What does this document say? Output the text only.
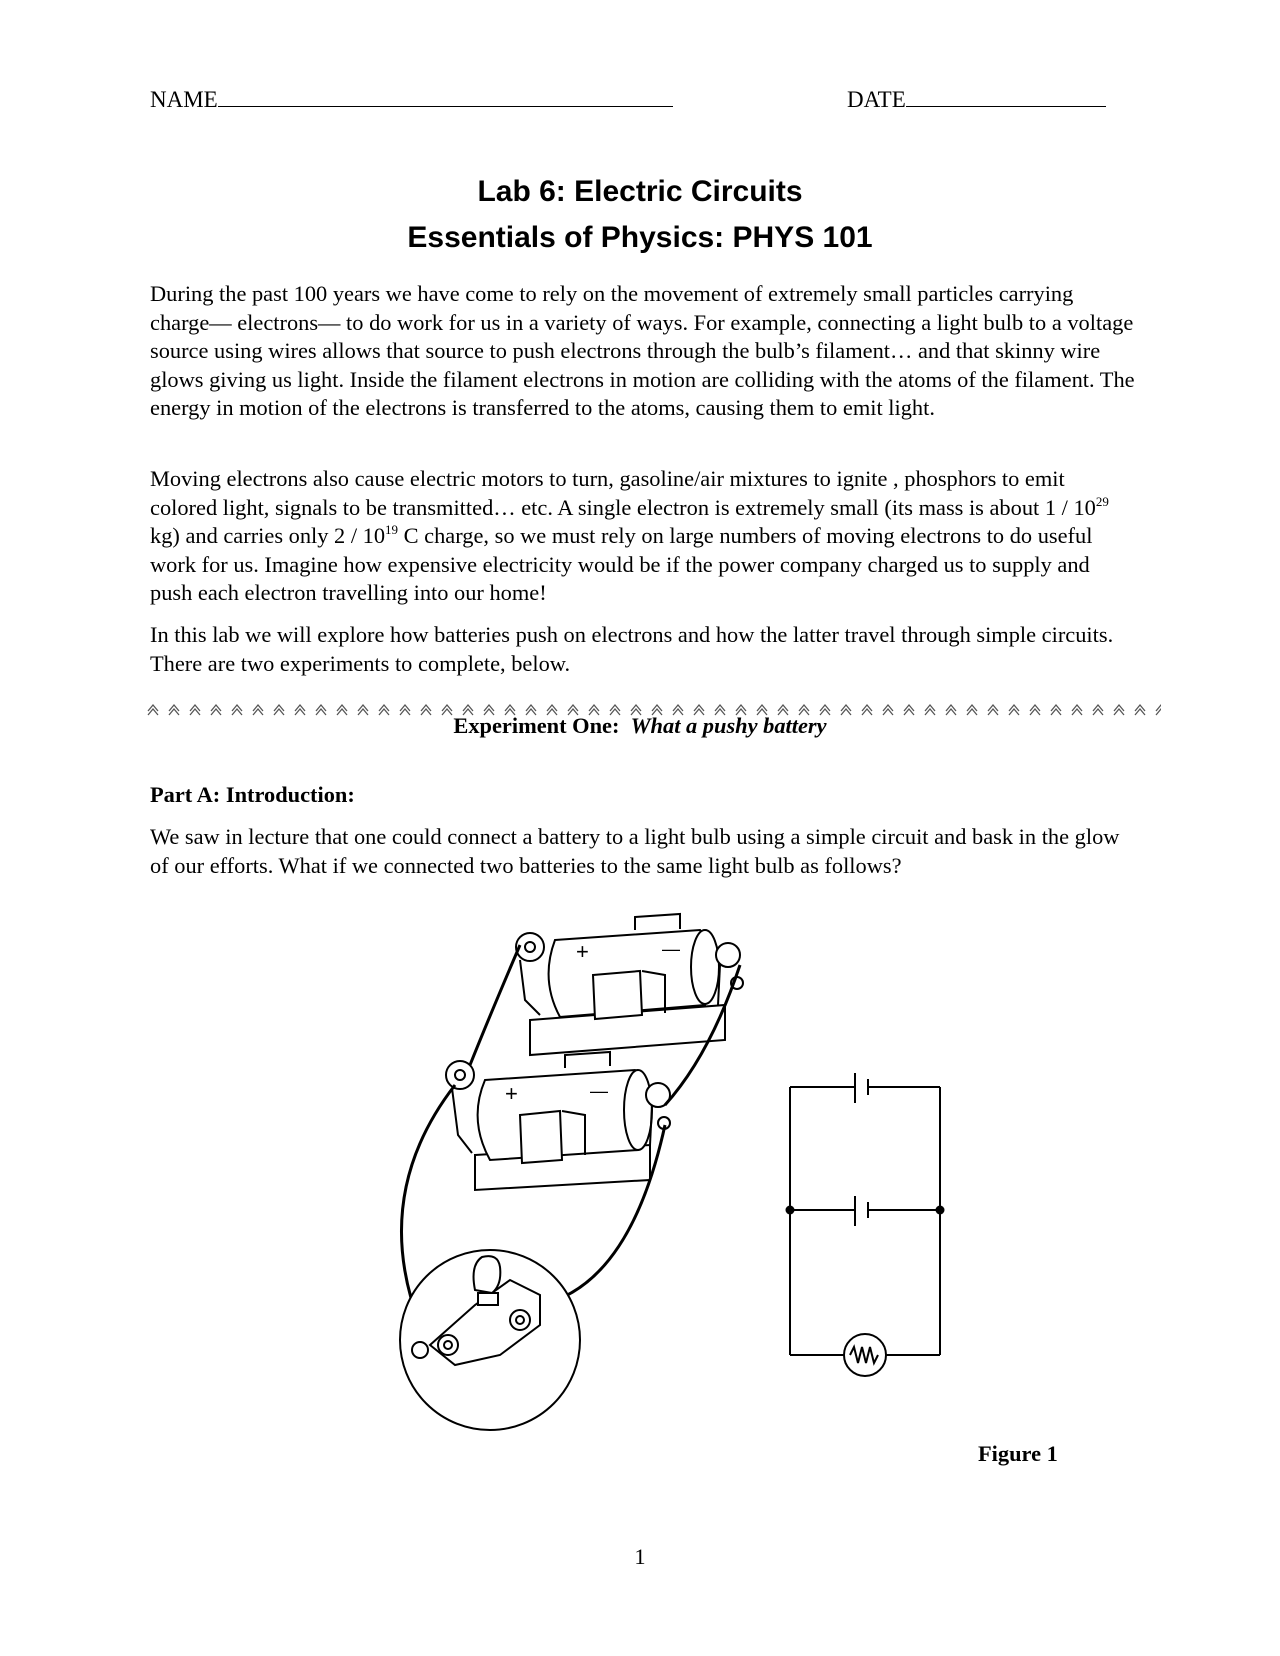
NAME	DATE
Lab 6: Electric Circuits
Essentials of Physics: PHYS 101

During the past 100 years we have come to rely on the movement of extremely small particles carrying charge— electrons— to do work for us in a variety of ways. For example, connecting a light bulb to a voltage source using wires allows that source to push electrons through the bulb’s filament… and that skinny wire glows giving us light. Inside the filament electrons in motion are colliding with the atoms of the filament. The energy in motion of the electrons is transferred to the atoms, causing them to emit light.

Moving electrons also cause electric motors to turn, gasoline/air mixtures to ignite , phosphors to emit colored light, signals to be transmitted… etc. A single electron is extremely small (its mass is about $1 / 10^{29}$ kg) and carries only $2 / 10^{19}$ C charge, so we must rely on large numbers of moving electrons to do useful work for us. Imagine how expensive electricity would be if the power company charged us to supply and push each electron travelling into our home!

In this lab we will explore how batteries push on electrons and how the latter travel through simple circuits. There are two experiments to complete, below.

Experiment One: What a pushy battery
Part A: Introduction:

We saw in lecture that one could connect a battery to a light bulb using a simple circuit and bask in the glow of our efforts. What if we connected two batteries to the same light bulb as follows?

+	—
+	—
Figure 1
1
